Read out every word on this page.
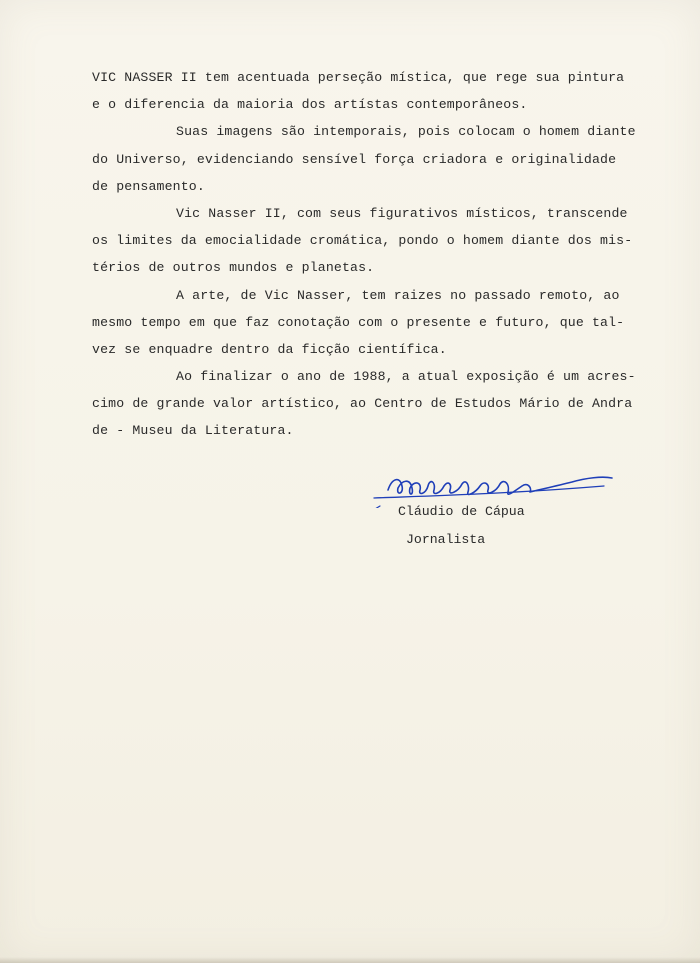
VIC NASSER II tem acentuada perseção mística, que rege sua pintura
e o diferencia da maioria dos artístas contemporâneos.
Suas imagens são intemporais, pois colocam o homem diante
do Universo, evidenciando sensível força criadora e originalidade
de pensamento.
Vic Nasser II, com seus figurativos místicos, transcende
os limites da emocialidade cromática, pondo o homem diante dos mis-
térios de outros mundos e planetas.
A arte, de Vic Nasser, tem raizes no passado remoto, ao
mesmo tempo em que faz conotação com o presente e futuro, que tal-
vez se enquadre dentro da ficção científica.
Ao finalizar o ano de 1988, a atual exposição é um acres-
cimo de grande valor artístico, ao Centro de Estudos Mário de Andra
de - Museu da Literatura.
Cláudio de Cápua
Jornalista
